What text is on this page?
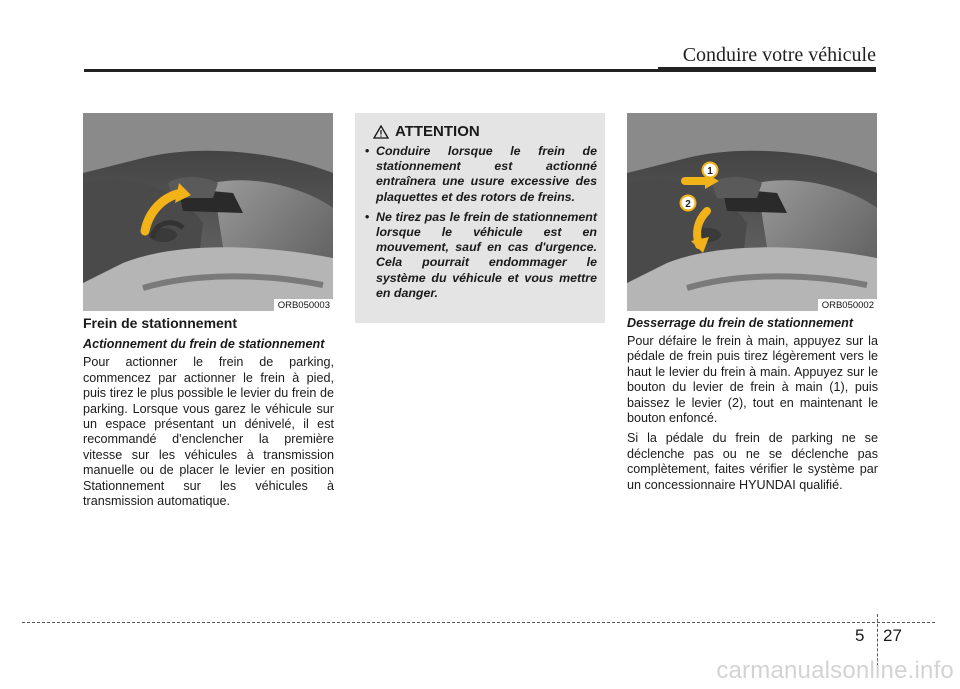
Conduire votre véhicule
ORB050003
Frein de stationnement
Actionnement du frein de stationnement

Pour actionner le frein de parking, commencez par actionner le frein à pied, puis tirez le plus possible le levier du frein de parking. Lorsque vous garez le véhicule sur un espace présentant un dénivelé, il est recommandé d'enclencher la première vitesse sur les véhicules à transmission manuelle ou de placer le levier en position Stationnement sur les véhicules à transmission automatique.

ATTENTION
• Conduire lorsque le frein de stationnement est actionné entraînera une usure excessive des plaquettes et des rotors de freins.
• Ne tirez pas le frein de stationnement lorsque le véhicule est en mouvement, sauf en cas d'urgence. Cela pourrait endommager le système du véhicule et vous mettre en danger.
1
2
ORB050002
Desserrage du frein de stationnement

Pour défaire le frein à main, appuyez sur la pédale de frein puis tirez légèrement vers le haut le levier du frein à main. Appuyez sur le bouton du levier de frein à main (1), puis baissez le levier (2), tout en maintenant le bouton enfoncé.

Si la pédale du frein de parking ne se déclenche pas ou ne se déclenche pas complètement, faites vérifier le système par un concessionnaire HYUNDAI qualifié.

5 27
carmanualsonline.info
